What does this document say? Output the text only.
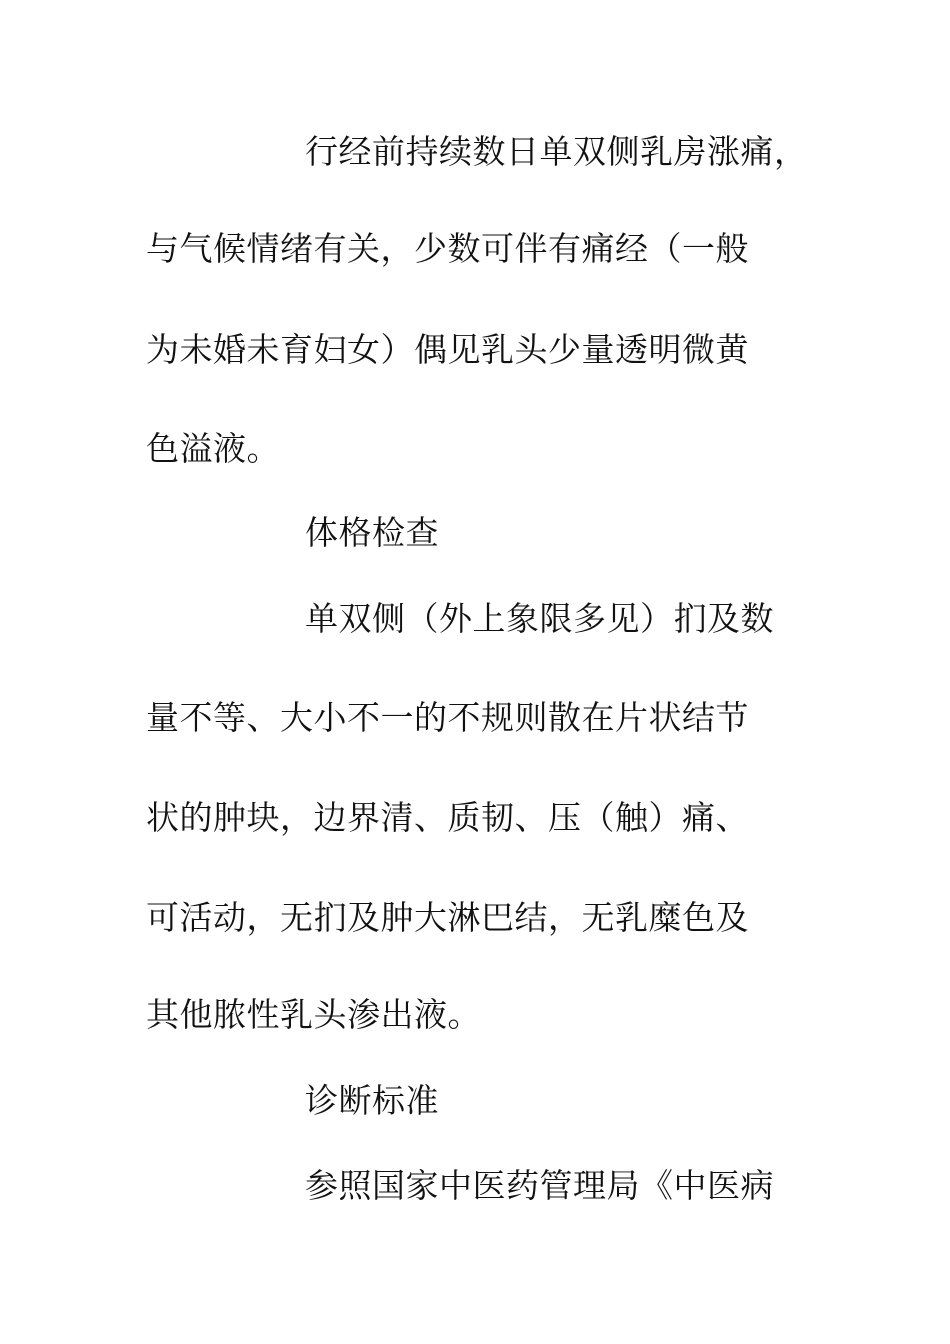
行经前持续数日单双侧乳房涨痛，
与气候情绪有关，少数可伴有痛经（一般
为未婚未育妇女）偶见乳头少量透明微黄
色溢液。
体格检查
单双侧（外上象限多见）扪及数
量不等、大小不一的不规则散在片状结节
状的肿块，边界清、质韧、压（触）痛、
可活动，无扪及肿大淋巴结，无乳糜色及
其他脓性乳头渗出液。
诊断标准
参照国家中医药管理局《中医病
